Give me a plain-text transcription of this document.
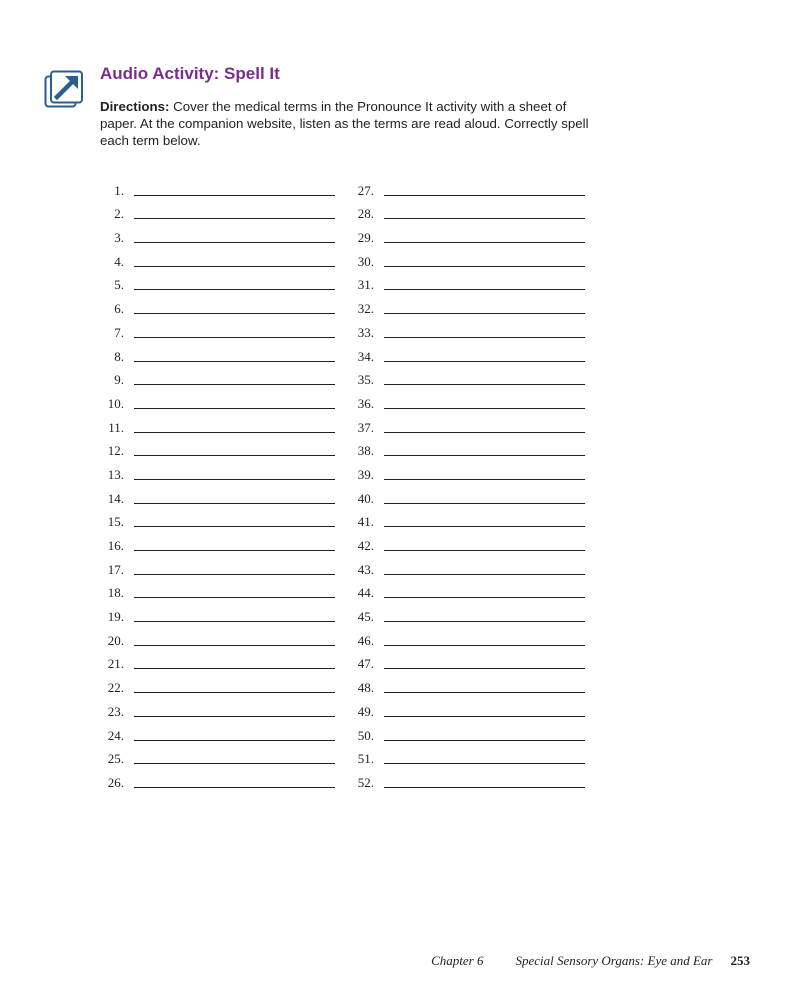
Audio Activity: Spell It

Directions: Cover the medical terms in the Pronounce It activity with a sheet of paper. At the companion website, listen as the terms are read aloud. Correctly spell each term below.

1.
2.
3.
4.
5.
6.
7.
8.
9.
10.
11.
12.
13.
14.
15.
16.
17.
18.
19.
20.
21.
22.
23.
24.
25.
26.
27.
28.
29.
30.
31.
32.
33.
34.
35.
36.
37.
38.
39.
40.
41.
42.
43.
44.
45.
46.
47.
48.
49.
50.
51.
52.
Chapter 6 Special Sensory Organs: Eye and Ear 253
